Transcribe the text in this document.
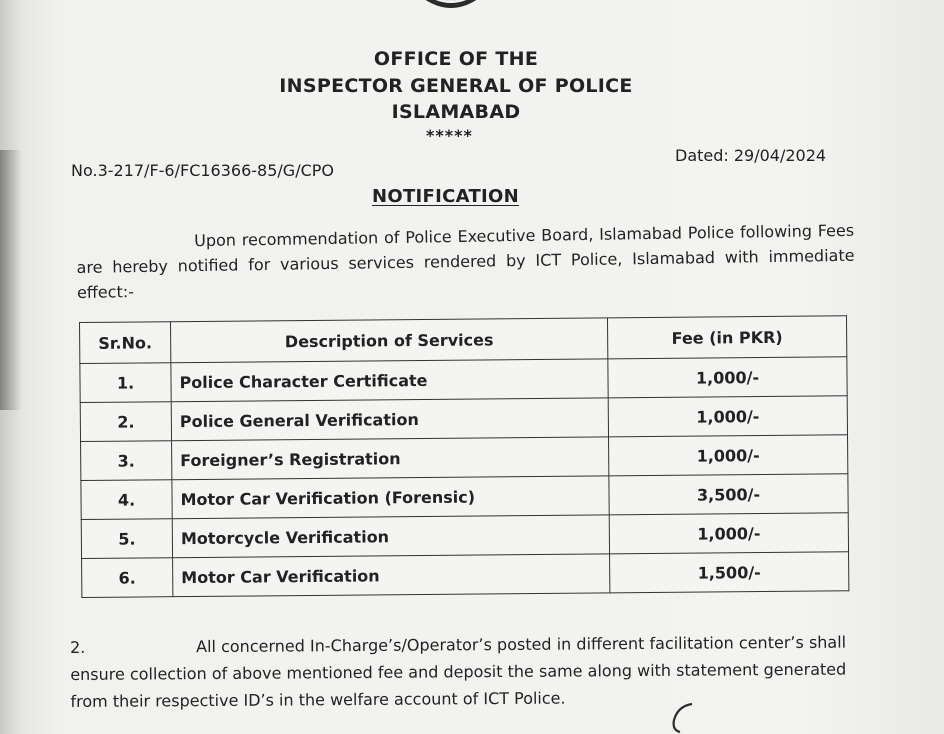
OFFICE OF THE
INSPECTOR GENERAL OF POLICE
ISLAMABAD
*****
No.3-217/F-6/FC16366-85/G/CPO
Dated: 29/04/2024
NOTIFICATION
Upon recommendation of Police Executive Board, Islamabad Police following Fees are hereby notified for various services rendered by ICT Police, Islamabad with immediate effect:-
Sr.No.	Description of Services	Fee (in PKR)
1.	Police Character Certificate	1,000/-
2.	Police General Verification	1,000/-
3.	Foreigner’s Registration	1,000/-
4.	Motor Car Verification (Forensic)	3,500/-
5.	Motorcycle Verification	1,000/-
6.	Motor Car Verification	1,500/-
2.	All concerned In-Charge’s/Operator’s posted in different facilitation center’s shall ensure collection of above mentioned fee and deposit the same along with statement generated from their respective ID’s in the welfare account of ICT Police.
